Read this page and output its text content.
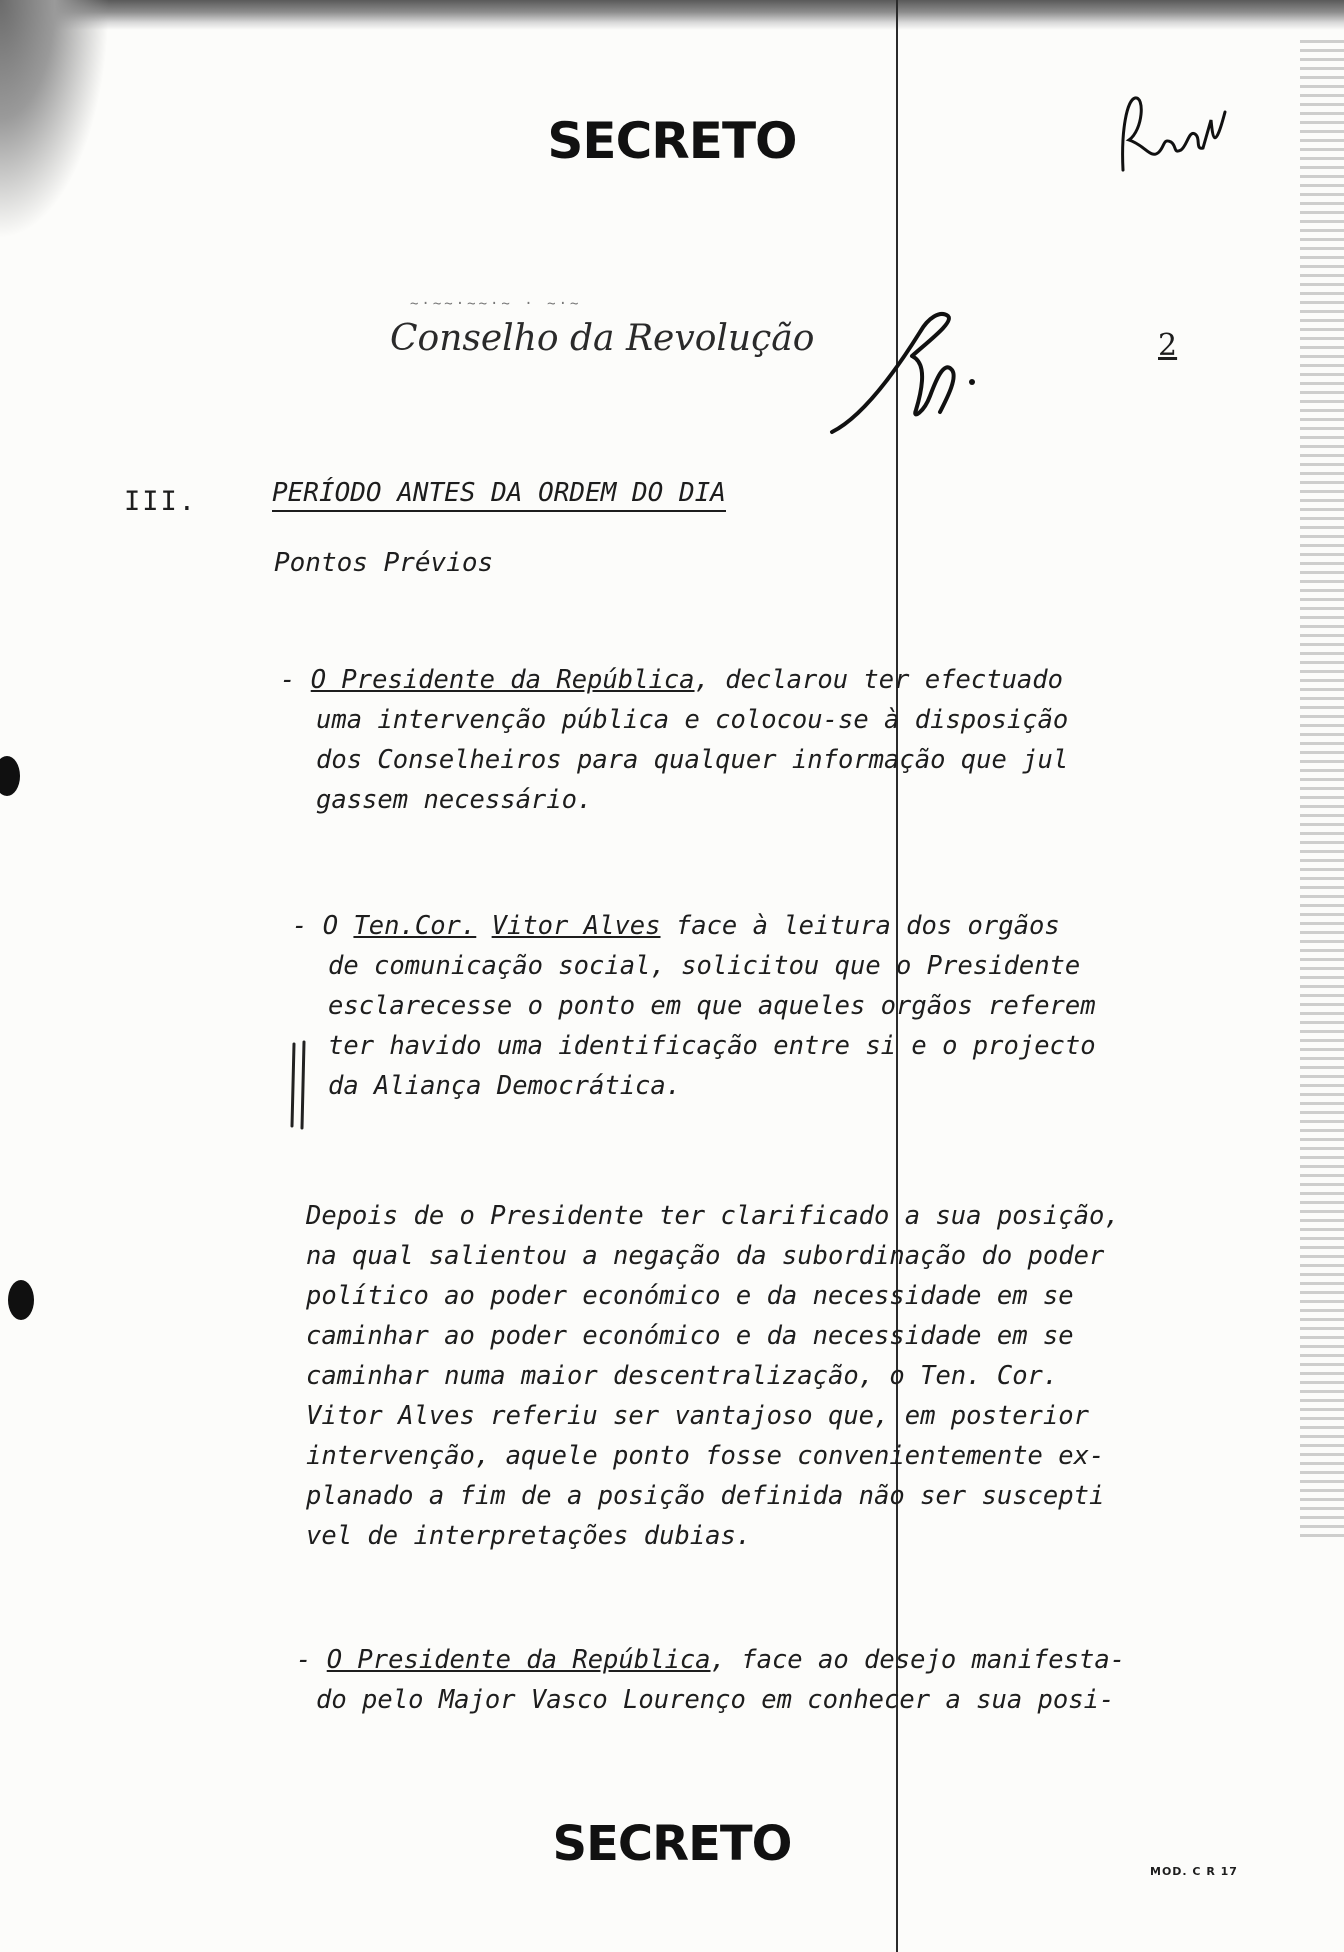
SECRETO
~·~~·~~·~ · ~·~
Conselho da Revolução	2
III.	PERÍODO ANTES DA ORDEM DO DIA
Pontos Prévios
- O Presidente da República, declarou ter efectuado
uma intervenção pública e colocou-se à disposição
dos Conselheiros para qualquer informação que jul
gassem necessário.
- O Ten.Cor. Vitor Alves face à leitura dos orgãos
de comunicação social, solicitou que o Presidente
esclarecesse o ponto em que aqueles orgãos referem
ter havido uma identificação entre si e o projecto
da Aliança Democrática.
Depois de o Presidente ter clarificado a sua posição,
na qual salientou a negação da subordinação do poder
político ao poder económico e da necessidade em se
caminhar ao poder económico e da necessidade em se
caminhar numa maior descentralização, o Ten. Cor.
Vitor Alves referiu ser vantajoso que, em posterior
intervenção, aquele ponto fosse convenientemente ex-
planado a fim de a posição definida não ser suscepti
vel de interpretações dubias.
- O Presidente da República, face ao desejo manifesta-
do pelo Major Vasco Lourenço em conhecer a sua posi-
SECRETO	MOD. C R 17
